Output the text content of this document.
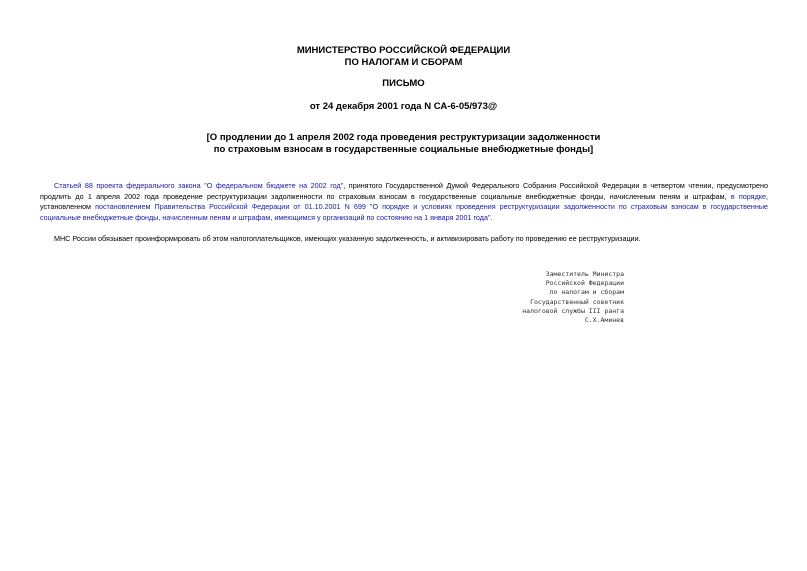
МИНИСТЕРСТВО РОССИЙСКОЙ ФЕДЕРАЦИИ
ПО НАЛОГАМ И СБОРАМ
ПИСЬМО
от 24 декабря 2001 года N СА-6-05/973@
[О продлении до 1 апреля 2002 года проведения реструктуризации задолженности
по страховым взносам в государственные социальные внебюджетные фонды]

Статьей 88 проекта федерального закона "О федеральном бюджете на 2002 год", принятого Государственной Думой Федерального Собрания Российской Федерации в четвертом чтении, предусмотрено продлить до 1 апреля 2002 года проведение реструктуризации задолженности по страховым взносам в государственные социальные внебюджетные фонды, начисленным пеням и штрафам, в порядке, установленном постановлением Правительства Российской Федерации от 01.10.2001 N 699 "О порядке и условиях проведения реструктуризации задолженности по страховым взносам в государственные социальные внебюджетные фонды, начисленным пеням и штрафам, имеющимся у организаций по состоянию на 1 января 2001 года".

МНС России обязывает проинформировать об этом налогоплательщиков, имеющих указанную задолженность, и активизировать работу по проведению ее реструктуризации.

Заместитель Министра
Российской Федерации
по налогам и сборам
Государственный советник
налоговой службы III ранга
С.Х.Аминев
